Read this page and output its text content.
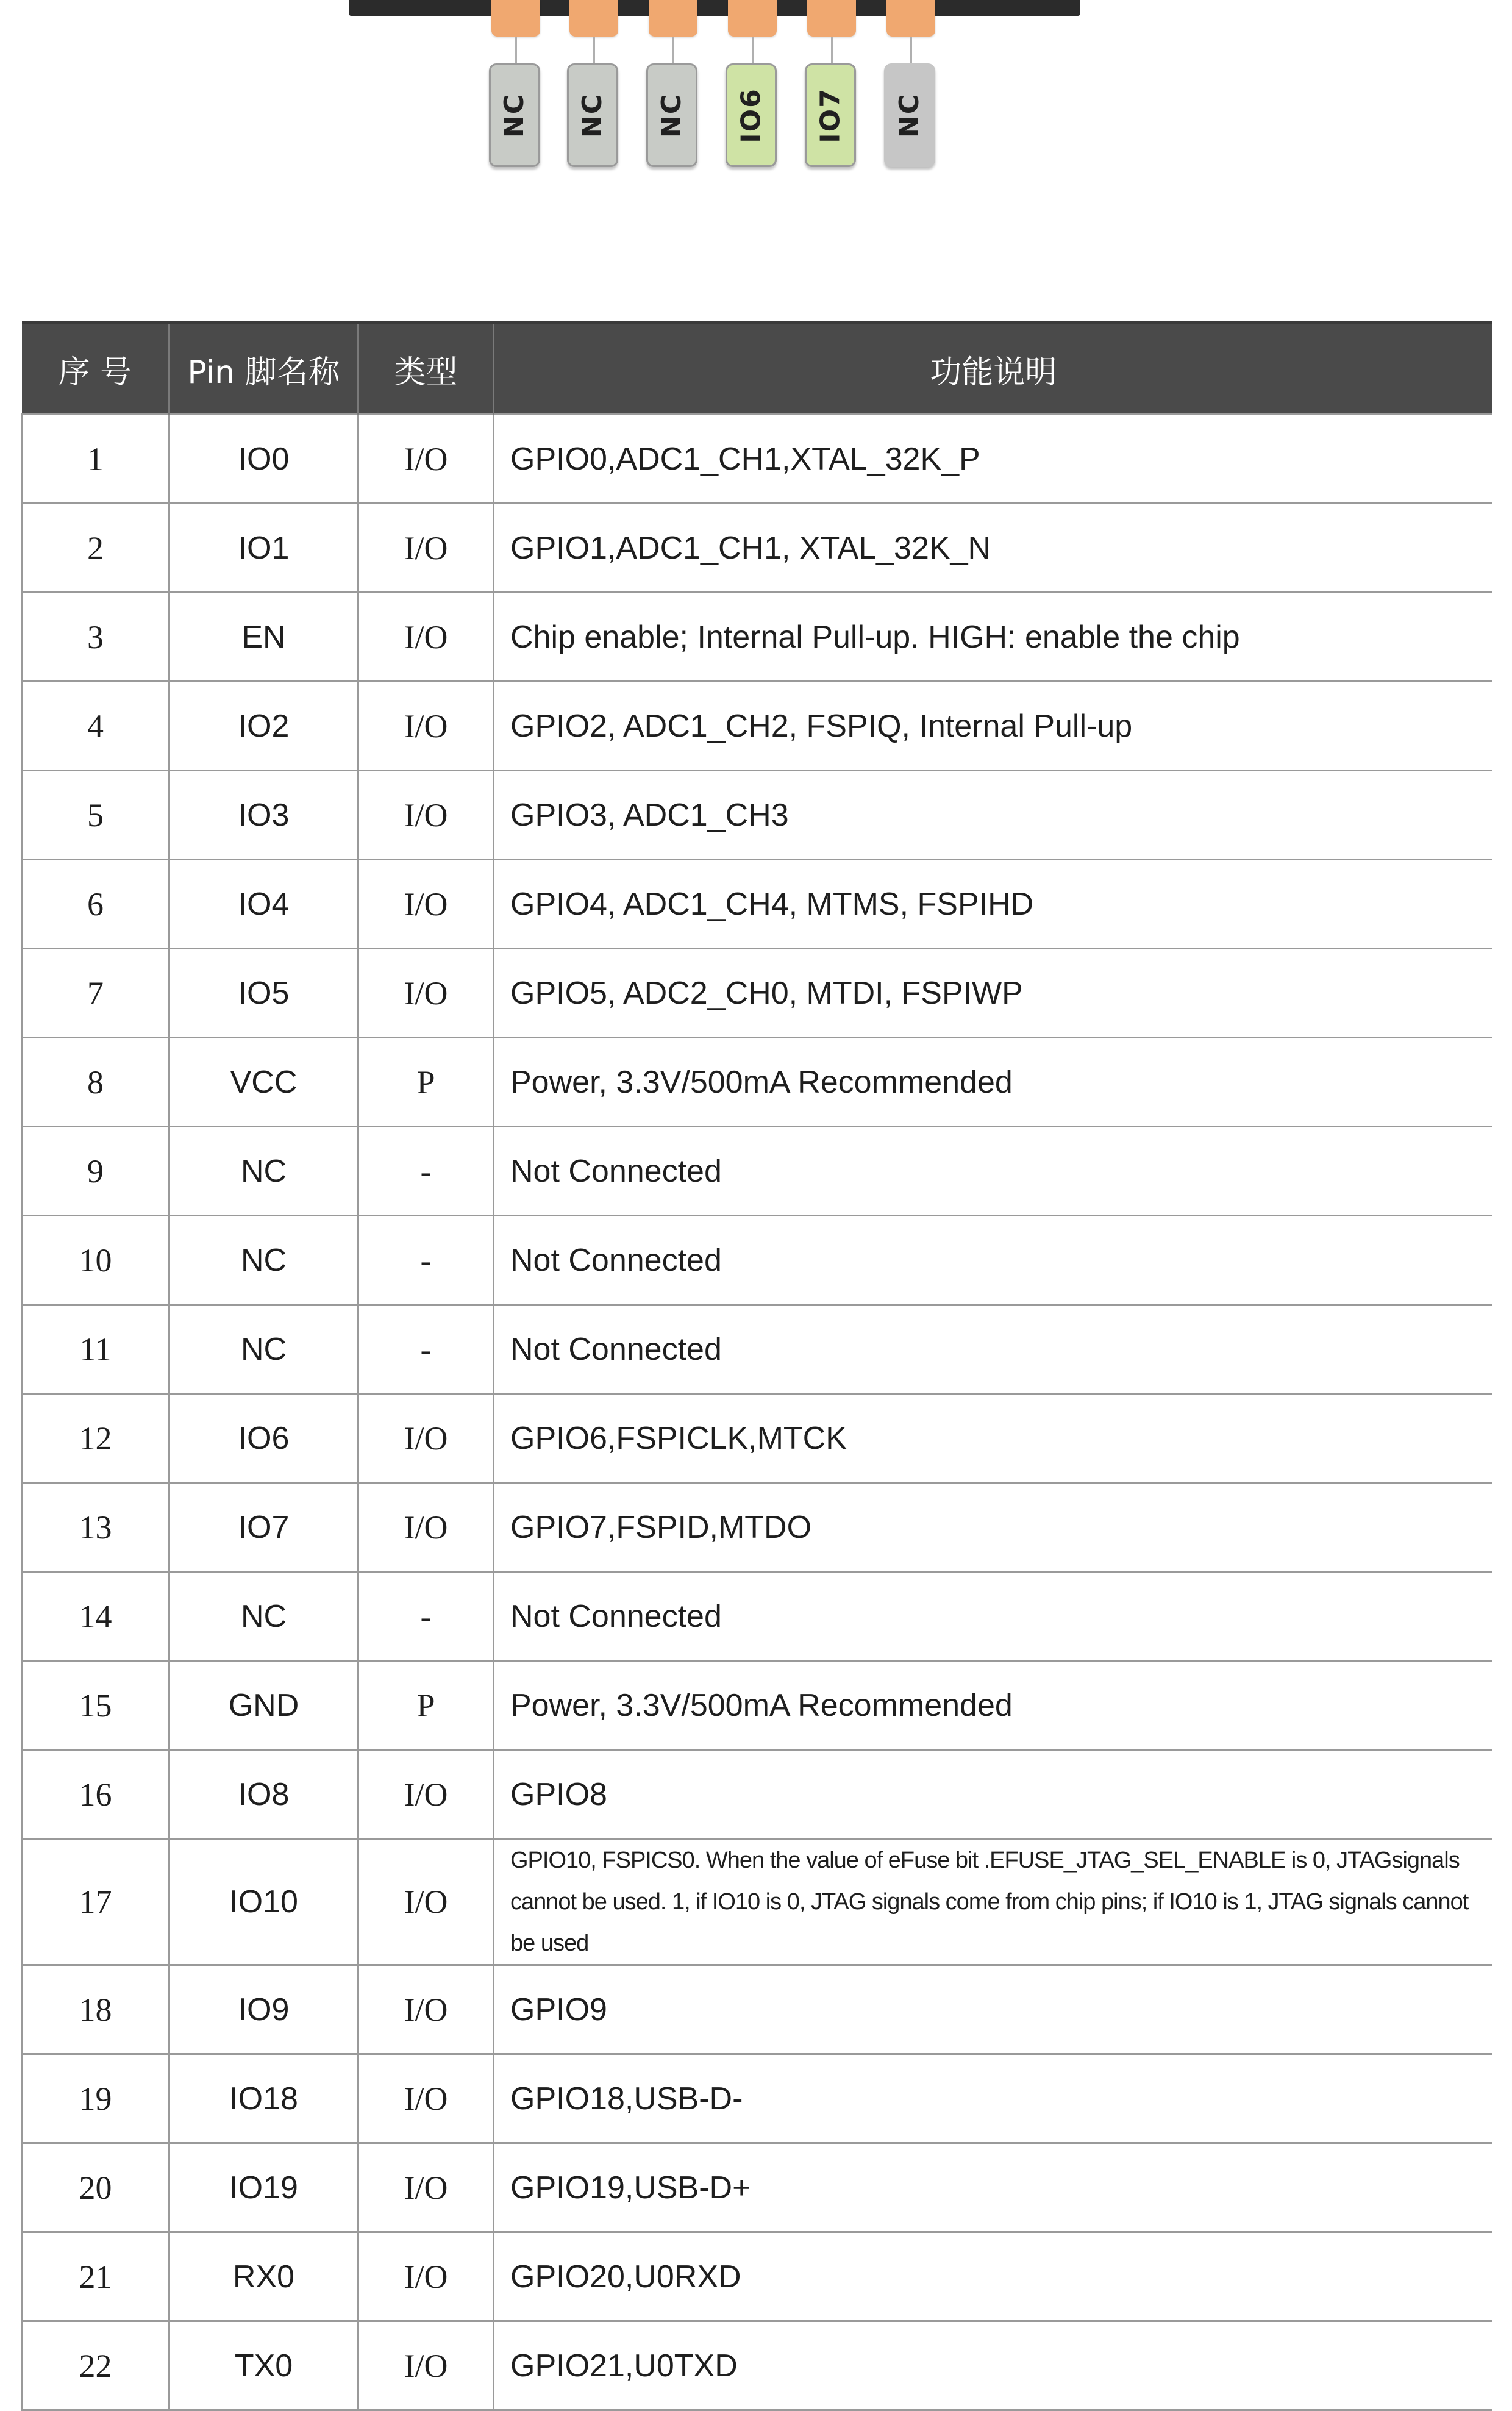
NC NC NC IO6 IO7 NC
序 号	Pin 脚名称	类型	功能说明
1	IO0	I/O	GPIO0,ADC1_CH1,XTAL_32K_P
2	IO1	I/O	GPIO1,ADC1_CH1, XTAL_32K_N
3	EN	I/O	Chip enable; Internal Pull-up. HIGH: enable the chip
4	IO2	I/O	GPIO2, ADC1_CH2, FSPIQ, Internal Pull-up
5	IO3	I/O	GPIO3, ADC1_CH3
6	IO4	I/O	GPIO4, ADC1_CH4, MTMS, FSPIHD
7	IO5	I/O	GPIO5, ADC2_CH0, MTDI, FSPIWP
8	VCC	P	Power, 3.3V/500mA Recommended
9	NC	-	Not Connected
10	NC	-	Not Connected
11	NC	-	Not Connected
12	IO6	I/O	GPIO6,FSPICLK,MTCK
13	IO7	I/O	GPIO7,FSPID,MTDO
14	NC	-	Not Connected
15	GND	P	Power, 3.3V/500mA Recommended
16	IO8	I/O	GPIO8
17	IO10	I/O	GPIO10, FSPICS0. When the value of eFuse bit .EFUSE_JTAG_SEL_ENABLE is 0, JTAGsignals cannot be used. 1, if IO10 is 0, JTAG signals come from chip pins; if IO10 is 1, JTAG signals cannot be used
18	IO9	I/O	GPIO9
19	IO18	I/O	GPIO18,USB-D-
20	IO19	I/O	GPIO19,USB-D+
21	RX0	I/O	GPIO20,U0RXD
22	TX0	I/O	GPIO21,U0TXD
